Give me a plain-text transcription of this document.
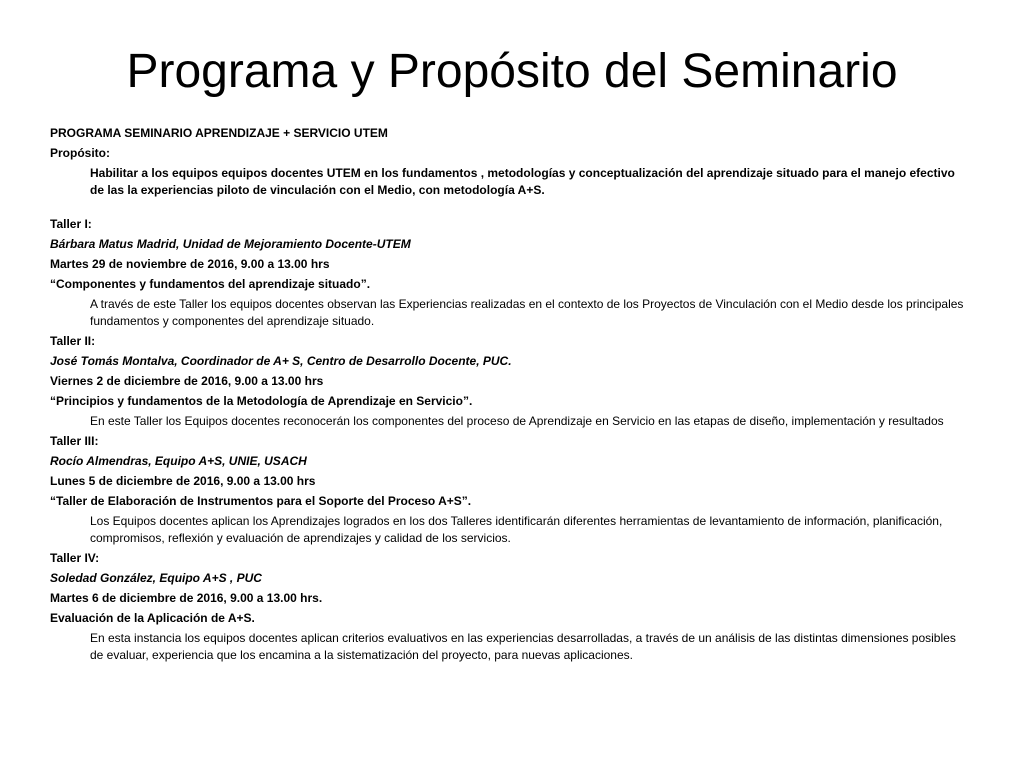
Programa y Propósito del Seminario
PROGRAMA SEMINARIO APRENDIZAJE + SERVICIO UTEM
Propósito:
Habilitar a los equipos equipos docentes UTEM en los fundamentos , metodologías y conceptualización del aprendizaje situado para el manejo efectivo de las la experiencias piloto de vinculación con el Medio, con metodología A+S.
Taller I:
Bárbara Matus Madrid, Unidad de Mejoramiento Docente-UTEM
Martes 29 de noviembre de 2016, 9.00 a 13.00 hrs
“Componentes y fundamentos del aprendizaje situado”.
A través de este Taller los equipos docentes observan las Experiencias realizadas en el contexto de los Proyectos de Vinculación con el Medio desde los principales fundamentos y componentes del aprendizaje situado.
Taller II:
José Tomás Montalva, Coordinador de A+ S, Centro de Desarrollo Docente, PUC.
Viernes 2 de diciembre de 2016, 9.00 a 13.00 hrs
“Principios y fundamentos de la Metodología de Aprendizaje en Servicio”.
En este Taller los Equipos docentes reconocerán los componentes del proceso de Aprendizaje en Servicio en las etapas de diseño, implementación y resultados
Taller III:
Rocío Almendras, Equipo A+S, UNIE, USACH
Lunes 5 de diciembre de 2016, 9.00 a 13.00 hrs
“Taller de Elaboración de Instrumentos para el Soporte del Proceso A+S”.
Los Equipos docentes aplican los Aprendizajes logrados en los dos Talleres identificarán diferentes herramientas de levantamiento de información, planificación, compromisos, reflexión y evaluación de aprendizajes y calidad de los servicios.
Taller IV:
Soledad González, Equipo A+S , PUC
Martes 6 de diciembre de 2016, 9.00 a 13.00 hrs.
Evaluación de la Aplicación de A+S.
En esta instancia los equipos docentes aplican criterios evaluativos en las experiencias desarrolladas, a través de un análisis de las distintas dimensiones posibles de evaluar, experiencia que los encamina a la sistematización del proyecto, para nuevas aplicaciones.
